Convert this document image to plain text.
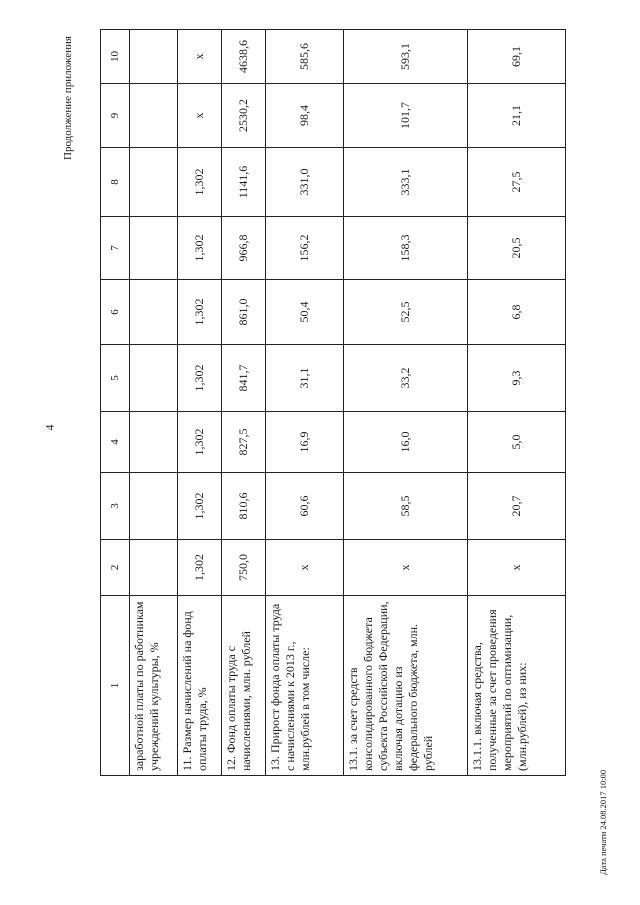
4
Продолжение приложения
Дата печати 24.08.2017 10:00
1	2	3	4	5	6	7	8	9	10
заработной платы по работникам учреждений культуры, %									
11. Размер начислений на фонд оплаты труда, %	1,302	1,302	1,302	1,302	1,302	1,302	1,302	х	х
12. Фонд оплаты труда с начислениями, млн. рублей	750,0	810,6	827,5	841,7	861,0	966,8	1141,6	2530,2	4638,6
13. Прирост фонда оплаты труда с начислениями к 2013 г., млн.рублей в том числе:	х	60,6	16,9	31,1	50,4	156,2	331,0	98,4	585,6
13.1. за счет средств консолидированного бюджета субъекта Российской Федерации, включая дотацию из федерального бюджета, млн. рублей	х	58,5	16,0	33,2	52,5	158,3	333,1	101,7	593,1
13.1.1. включая средства, полученные за счет проведения мероприятий по оптимизации, (млн.рублей), из них:	х	20,7	5,0	9,3	6,8	20,5	27,5	21,1	69,1
